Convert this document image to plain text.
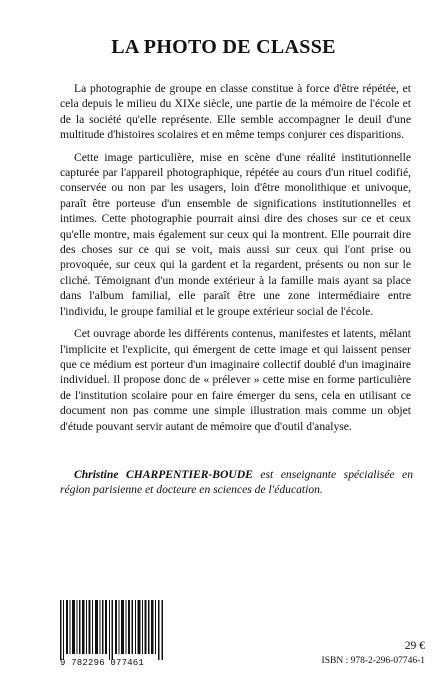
LA PHOTO DE CLASSE

La photographie de groupe en classe constitue à force d'être répétée, et cela depuis le milieu du XIXe siècle, une partie de la mémoire de l'école et de la société qu'elle représente. Elle semble accompagner le deuil d'une multitude d'histoires scolaires et en même temps conjurer ces disparitions.

Cette image particulière, mise en scène d'une réalité institutionnelle capturée par l'appareil photographique, répétée au cours d'un rituel codifié, conservée ou non par les usagers, loin d'être monolithique et univoque, paraît être porteuse d'un ensemble de significations institutionnelles et intimes. Cette photographie pourrait ainsi dire des choses sur ce et ceux qu'elle montre, mais également sur ceux qui la montrent. Elle pourrait dire des choses sur ce qui se voit, mais aussi sur ceux qui l'ont prise ou provoquée, sur ceux qui la gardent et la regardent, présents ou non sur le cliché. Témoignant d'un monde extérieur à la famille mais ayant sa place dans l'album familial, elle paraît être une zone intermédiaire entre l'individu, le groupe familial et le groupe extérieur social de l'école.

Cet ouvrage aborde les différents contenus, manifestes et latents, mêlant l'implicite et l'explicite, qui émergent de cette image et qui laissent penser que ce médium est porteur d'un imaginaire collectif doublé d'un imaginaire individuel. Il propose donc de « prélever » cette mise en forme particulière de l'institution scolaire pour en faire émerger du sens, cela en utilisant ce document non pas comme une simple illustration mais comme un objet d'étude pouvant servir autant de mémoire que d'outil d'analyse.

Christine CHARPENTIER-BOUDE est enseignante spécialisée en région parisienne et docteure en sciences de l'éducation.
9 782296 077461
29 €
ISBN : 978-2-296-07746-1
